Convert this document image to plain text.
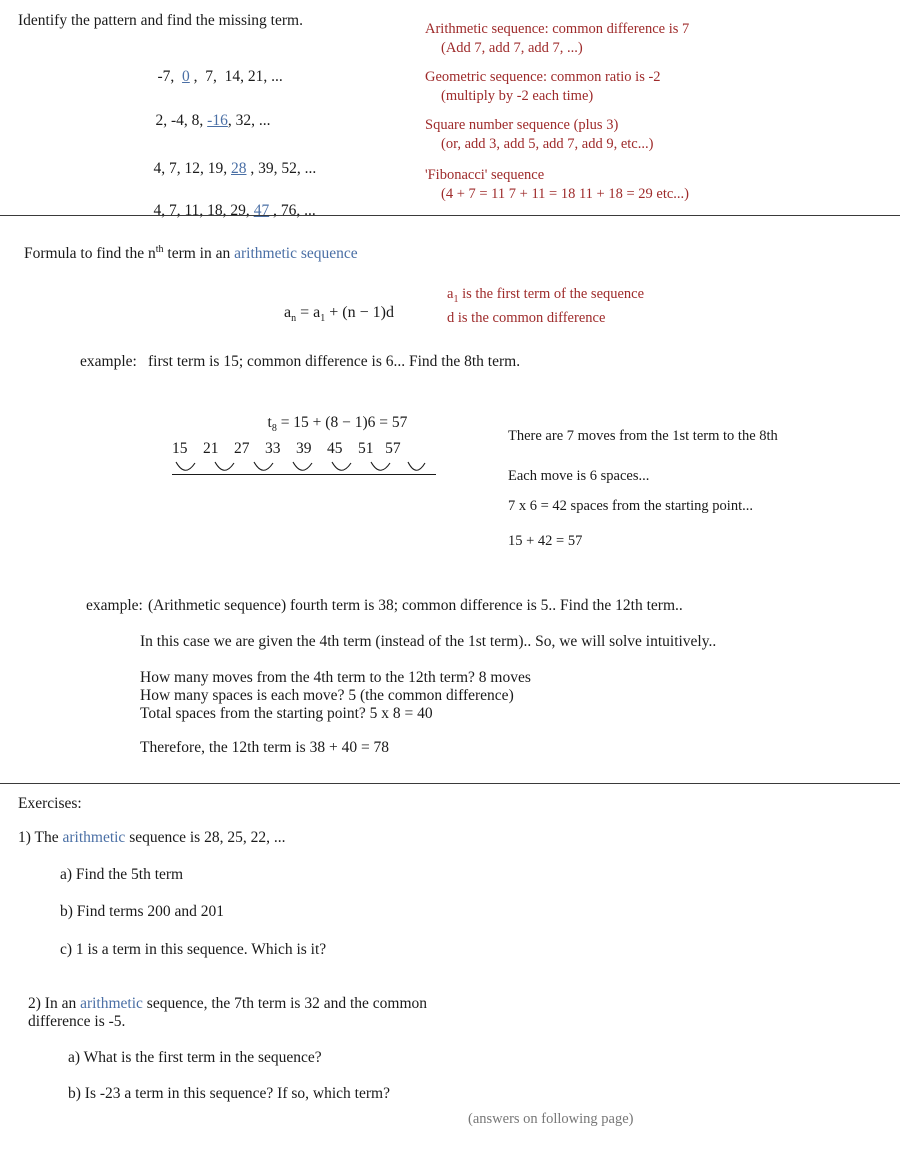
Identify the pattern and find the missing term.

-7,  0 ,  7,  14, 21, ...

2, -4, 8, -16, 32, ...

4, 7, 12, 19, 28 , 39, 52, ...

4, 7, 11, 18, 29, 47 , 76, ...

Arithmetic sequence: common difference is 7
(Add 7, add 7, add 7, ...)
Geometric sequence: common ratio is -2
(multiply by -2 each time)
Square number sequence (plus 3)
(or, add 3, add 5, add 7, add 9, etc...)
'Fibonacci' sequence
(4 + 7 = 11 7 + 11 = 18 11 + 18 = 29 etc...)
Formula to find the $n^{th}$ term in an arithmetic sequence

$a_n = a_1 + (n - 1)d$

$a_1$ is the first term of the sequence
d is the common difference
example: first term is 15; common difference is 6... Find the 8th term.

$t_8 = 15 + (8 - 1)6 = 57$

15    21    27    33    39    45    51   57
There are 7 moves from the 1st term to the 8th
Each move is 6 spaces...
7 x 6 = 42 spaces from the starting point...
15 + 42 = 57
example: (Arithmetic sequence) fourth term is 38; common difference is 5.. Find the 12th term..
In this case we are given the 4th term (instead of the 1st term).. So, we will solve intuitively..
How many moves from the 4th term to the 12th term? 8 moves
How many spaces is each move? 5 (the common difference)
Total spaces from the starting point? 5 x 8 = 40
Therefore, the 12th term is 38 + 40 = 78
Exercises:
1) The arithmetic sequence is 28, 25, 22, ...
a) Find the 5th term
b) Find terms 200 and 201
c) 1 is a term in this sequence. Which is it?
2) In an arithmetic sequence, the 7th term is 32 and the common difference is -5.
a) What is the first term in the sequence?
b) Is -23 a term in this sequence? If so, which term?
(answers on following page)
